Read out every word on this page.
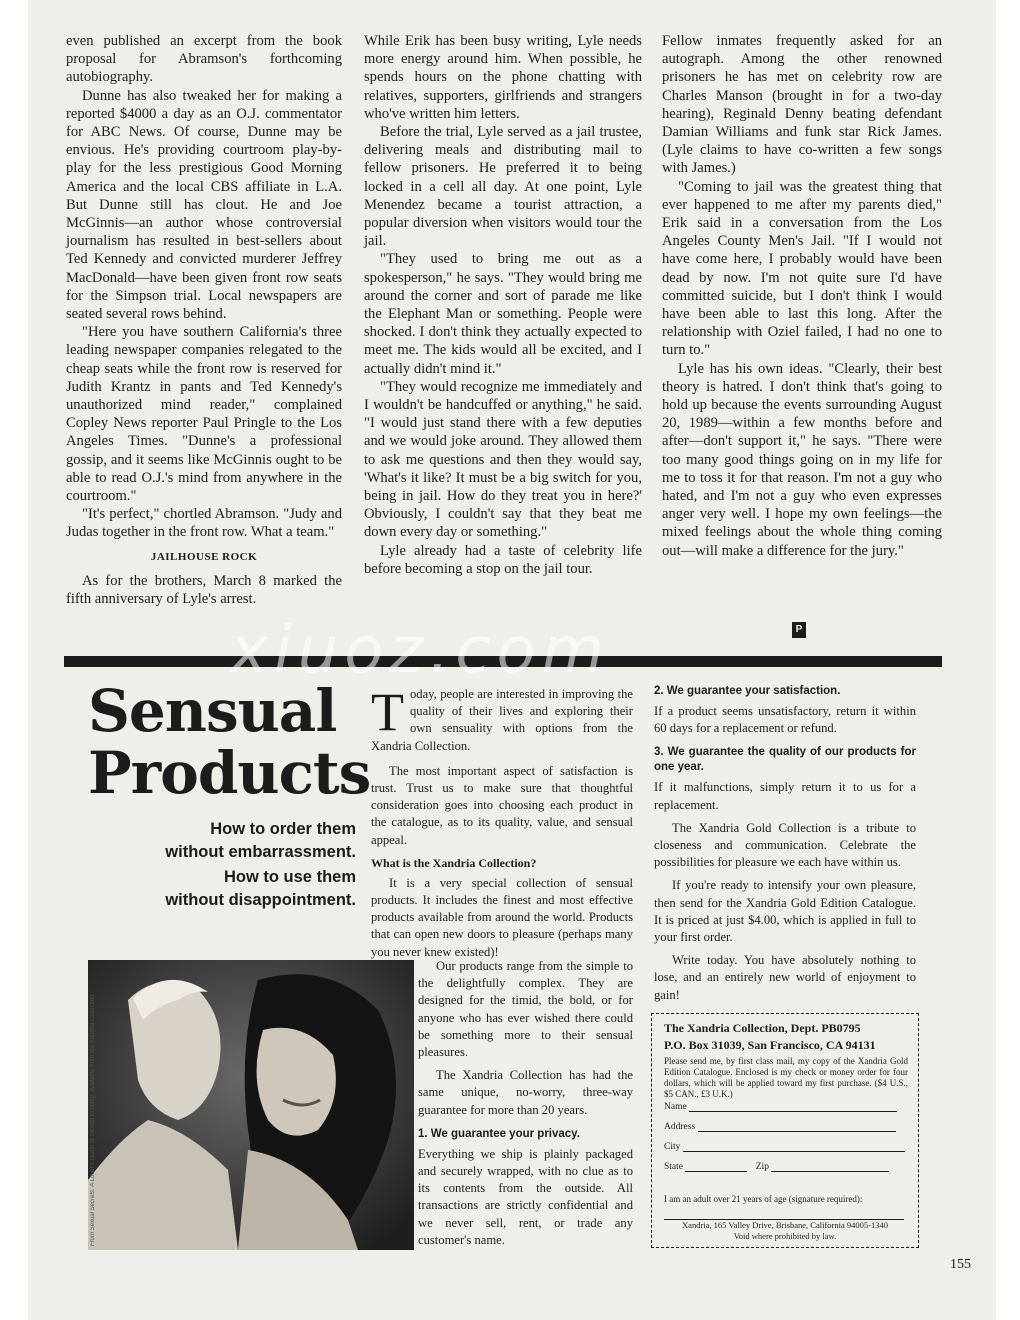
even published an excerpt from the book proposal for Abramson's forthcoming autobiography.

Dunne has also tweaked her for making a reported $4000 a day as an O.J. commentator for ABC News. Of course, Dunne may be envious. He's providing courtroom play-by-play for the less prestigious Good Morning America and the local CBS affiliate in L.A. But Dunne still has clout. He and Joe McGinnis—an author whose controversial journalism has resulted in best-sellers about Ted Kennedy and convicted murderer Jeffrey MacDonald—have been given front row seats for the Simpson trial. Local newspapers are seated several rows behind.

"Here you have southern California's three leading newspaper companies relegated to the cheap seats while the front row is reserved for Judith Krantz in pants and Ted Kennedy's unauthorized mind reader," complained Copley News reporter Paul Pringle to the Los Angeles Times. "Dunne's a professional gossip, and it seems like McGinnis ought to be able to read O.J.'s mind from anywhere in the courtroom."

"It's perfect," chortled Abramson. "Judy and Judas together in the front row. What a team."

JAILHOUSE ROCK

As for the brothers, March 8 marked the fifth anniversary of Lyle's arrest.

While Erik has been busy writing, Lyle needs more energy around him. When possible, he spends hours on the phone chatting with relatives, supporters, girlfriends and strangers who've written him letters.

Before the trial, Lyle served as a jail trustee, delivering meals and distributing mail to fellow prisoners. He preferred it to being locked in a cell all day. At one point, Lyle Menendez became a tourist attraction, a popular diversion when visitors would tour the jail.

"They used to bring me out as a spokesperson," he says. "They would bring me around the corner and sort of parade me like the Elephant Man or something. People were shocked. I don't think they actually expected to meet me. The kids would all be excited, and I actually didn't mind it."

"They would recognize me immediately and I wouldn't be handcuffed or anything," he said. "I would just stand there with a few deputies and we would joke around. They allowed them to ask me questions and then they would say, 'What's it like? It must be a big switch for you, being in jail. How do they treat you in here?' Obviously, I couldn't say that they beat me down every day or something."

Lyle already had a taste of celebrity life before becoming a stop on the jail tour.

Fellow inmates frequently asked for an autograph. Among the other renowned prisoners he has met on celebrity row are Charles Manson (brought in for a two-day hearing), Reginald Denny beating defendant Damian Williams and funk star Rick James. (Lyle claims to have co-written a few songs with James.)

"Coming to jail was the greatest thing that ever happened to me after my parents died," Erik said in a conversation from the Los Angeles County Men's Jail. "If I would not have come here, I probably would have been dead by now. I'm not quite sure I'd have committed suicide, but I don't think I would have been able to last this long. After the relationship with Oziel failed, I had no one to turn to."

Lyle has his own ideas. "Clearly, their best theory is hatred. I don't think that's going to hold up because the events surrounding August 20, 1989—within a few months before and after—don't support it," he says. "There were too many good things going on in my life for me to toss it for that reason. I'm not a guy who hated, and I'm not a guy who even expresses anger very well. I hope my own feelings—the mixed feelings about the whole thing coming out—will make a difference for the jury."

P
xiuoz.com
Sensual
Products
How to order them
without embarrassment.
How to use them
without disappointment.
From Sexual Secrets: A Lover's Guide to Sexual Ecstasy, available from the Xandria Collection

Today, people are interested in improving the quality of their lives and exploring their own sensuality with options from the Xandria Collection.

The most important aspect of satisfaction is trust. Trust us to make sure that thoughtful consideration goes into choosing each product in the catalogue, as to its quality, value, and sensual appeal.

What is the Xandria Collection?

It is a very special collection of sensual products. It includes the finest and most effective products available from around the world. Products that can open new doors to pleasure (perhaps many you never knew existed)!

Our products range from the simple to the delightfully complex. They are designed for the timid, the bold, or for anyone who has ever wished there could be something more to their sensual pleasures.

The Xandria Collection has had the same unique, no-worry, three-way guarantee for more than 20 years.

1. We guarantee your privacy.

Everything we ship is plainly packaged and securely wrapped, with no clue as to its contents from the outside. All transactions are strictly confidential and we never sell, rent, or trade any customer's name.

2. We guarantee your satisfaction.

If a product seems unsatisfactory, return it within 60 days for a replacement or refund.

3. We guarantee the quality of our products for one year.

If it malfunctions, simply return it to us for a replacement.

The Xandria Gold Collection is a tribute to closeness and communication. Celebrate the possibilities for pleasure we each have within us.

If you're ready to intensify your own pleasure, then send for the Xandria Gold Edition Catalogue. It is priced at just $4.00, which is applied in full to your first order.

Write today. You have absolutely nothing to lose, and an entirely new world of enjoyment to gain!

The Xandria Collection, Dept. PB0795
P.O. Box 31039, San Francisco, CA 94131
Please send me, by first class mail, my copy of the Xandria Gold Edition Catalogue. Enclosed is my check or money order for four dollars, which will be applied toward my first purchase. ($4 U.S., $5 CAN., £3 U.K.)
Name
Address
City
State	Zip
I am an adult over 21 years of age (signature required):
Xandria, 165 Valley Drive, Brisbane, California 94005-1340
Void where prohibited by law.
155
